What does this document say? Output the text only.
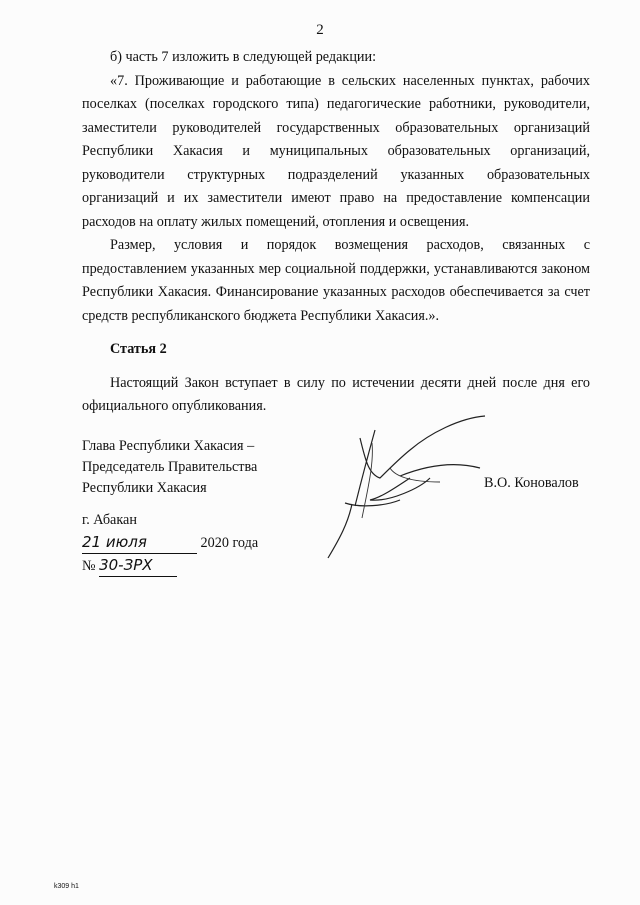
2

б) часть 7 изложить в следующей редакции:

«7. Проживающие и работающие в сельских населенных пунктах, рабочих поселках (поселках городского типа) педагогические работники, руководители, заместители руководителей государственных образовательных организаций Республики Хакасия и муниципальных образовательных организаций, руководители структурных подразделений указанных образовательных организаций и их заместители имеют право на предоставление компенсации расходов на оплату жилых помещений, отопления и освещения.

Размер, условия и порядок возмещения расходов, связанных с предоставлением указанных мер социальной поддержки, устанавливаются законом Республики Хакасия. Финансирование указанных расходов обеспечивается за счет средств республиканского бюджета Республики Хакасия.».

Статья 2

Настоящий Закон вступает в силу по истечении десяти дней после дня его официального опубликования.

Глава Республики Хакасия –
Председатель Правительства
Республики Хакасия	В.О. Коновалов
г. Абакан
21 июля	2020 года
№ 30-ЗРХ
k309 h1
